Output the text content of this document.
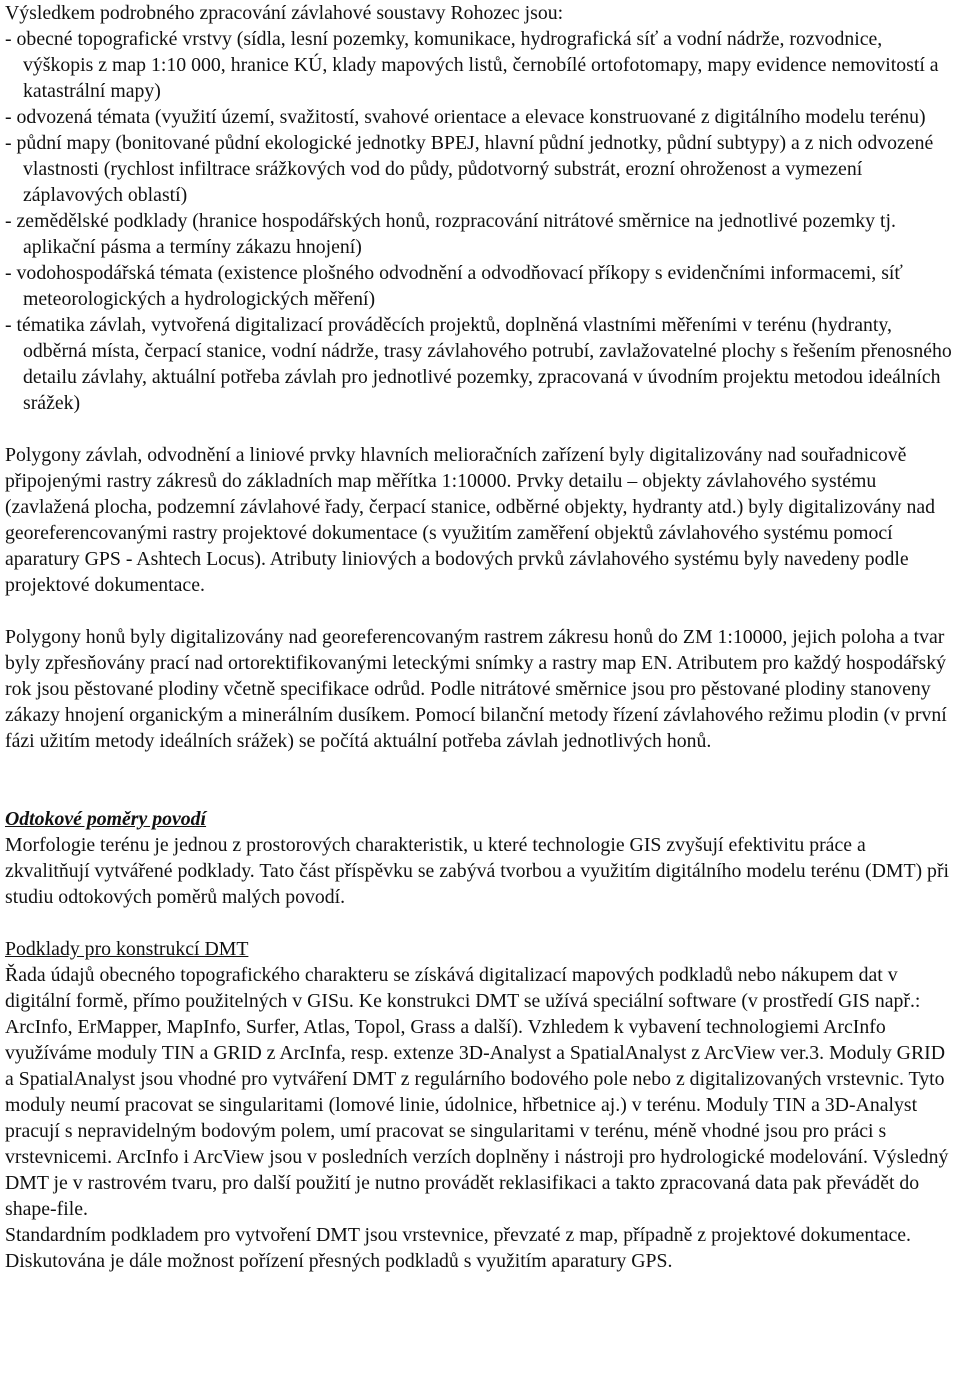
Výsledkem podrobného zpracování závlahové soustavy Rohozec jsou:

- obecné topografické vrstvy (sídla, lesní pozemky, komunikace, hydrografická síť a vodní nádrže, rozvodnice, výškopis z map 1:10 000, hranice KÚ, klady mapových listů, černobílé ortofotomapy, mapy evidence nemovitostí a katastrální mapy)

- odvozená témata (využití území, svažitostí, svahové orientace a elevace konstruované z digitálního modelu terénu)

- půdní mapy (bonitované půdní ekologické jednotky BPEJ, hlavní půdní jednotky, půdní subtypy) a z nich odvozené vlastnosti (rychlost infiltrace srážkových vod do půdy, půdotvorný substrát, erozní ohroženost a vymezení záplavových oblastí)

- zemědělské podklady (hranice hospodářských honů, rozpracování nitrátové směrnice na jednotlivé pozemky tj. aplikační pásma a termíny zákazu hnojení)

- vodohospodářská témata (existence plošného odvodnění a odvodňovací příkopy s evidenčními informacemi, síť meteorologických a hydrologických měření)

- tématika závlah, vytvořená digitalizací prováděcích projektů, doplněná vlastními měřeními v terénu (hydranty, odběrná místa, čerpací stanice, vodní nádrže, trasy závlahového potrubí, zavlažovatelné plochy s řešením přenosného detailu závlahy, aktuální potřeba závlah pro jednotlivé pozemky, zpracovaná v úvodním projektu metodou ideálních srážek)

Polygony závlah, odvodnění a liniové prvky hlavních melioračních zařízení byly digitalizovány nad souřadnicově připojenými rastry zákresů do základních map měřítka 1:10000. Prvky detailu – objekty závlahového systému (zavlažená plocha, podzemní závlahové řady, čerpací stanice, odběrné objekty, hydranty atd.) byly digitalizovány nad georeferencovanými rastry projektové dokumentace (s využitím zaměření objektů závlahového systému pomocí aparatury GPS - Ashtech Locus). Atributy liniových a bodových prvků závlahového systému byly navedeny podle projektové dokumentace.

Polygony honů byly digitalizovány nad georeferencovaným rastrem zákresu honů do ZM 1:10000, jejich poloha a tvar byly zpřesňovány prací nad ortorektifikovanými leteckými snímky a rastry map EN. Atributem pro každý hospodářský rok jsou pěstované plodiny včetně specifikace odrůd. Podle nitrátové směrnice jsou pro pěstované plodiny stanoveny zákazy hnojení organickým a minerálním dusíkem. Pomocí bilanční metody řízení závlahového režimu plodin (v první fázi užitím metody ideálních srážek) se počítá aktuální potřeba závlah jednotlivých honů.

Odtokové poměry povodí

Morfologie terénu je jednou z prostorových charakteristik, u které technologie GIS zvyšují efektivitu práce a zkvalitňují vytvářené podklady. Tato část příspěvku se zabývá tvorbou a využitím digitálního modelu terénu (DMT) při studiu odtokových poměrů malých povodí.

Podklady pro konstrukcí DMT

Řada údajů obecného topografického charakteru se získává digitalizací mapových podkladů nebo nákupem dat v digitální formě, přímo použitelných v GISu. Ke konstrukci DMT se užívá speciální software (v prostředí GIS např.: ArcInfo, ErMapper, MapInfo, Surfer, Atlas, Topol, Grass a další). Vzhledem k vybavení technologiemi ArcInfo využíváme moduly TIN a GRID z ArcInfa, resp. extenze 3D-Analyst a SpatialAnalyst z ArcView ver.3. Moduly GRID a SpatialAnalyst jsou vhodné pro vytváření DMT z regulárního bodového pole nebo z digitalizovaných vrstevnic. Tyto moduly neumí pracovat se singularitami (lomové linie, údolnice, hřbetnice aj.) v terénu. Moduly TIN a 3D-Analyst pracují s nepravidelným bodovým polem, umí pracovat se singularitami v terénu, méně vhodné jsou pro práci s vrstevnicemi. ArcInfo i ArcView jsou v posledních verzích doplněny i nástroji pro hydrologické modelování. Výsledný DMT je v rastrovém tvaru, pro další použití je nutno provádět reklasifikaci a takto zpracovaná data pak převádět do shape-file.

Standardním podkladem pro vytvoření DMT jsou vrstevnice, převzaté z map, případně z projektové dokumentace. Diskutována je dále možnost pořízení přesných podkladů s využitím aparatury GPS.
